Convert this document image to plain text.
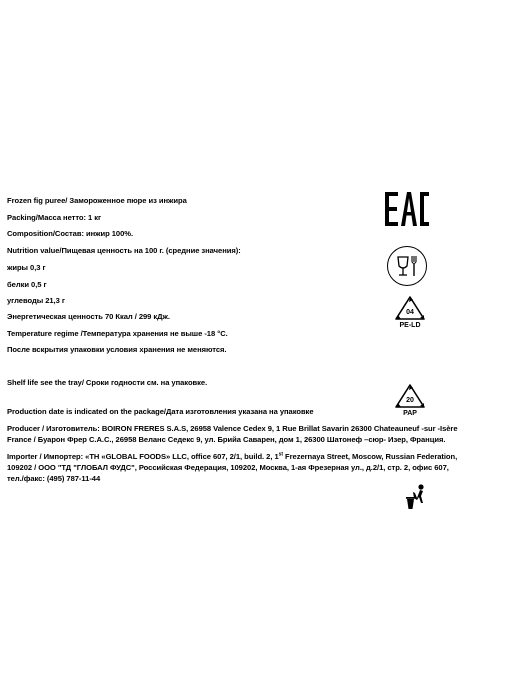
Frozen fig puree/ Замороженное пюре из инжира
Packing/Масса нетто: 1 кг
Composition/Состав: инжир 100%.
Nutrition value/Пищевая ценность на 100 г. (средние значения):
жиры 0,3 г
белки 0,5 г
углеводы 21,3 г
Энергетическая ценность 70 Ккал / 299 кДж.
Temperature regime /Температура хранения не выше -18 °C.
После вскрытия упаковки условия хранения не меняются.
Shelf life see the tray/ Сроки годности см. на упаковке.
Production date is indicated on the package/Дата изготовления указана на упаковке
Producer / Изготовитель: BOIRON FRERES S.A.S, 26958 Valence Cedex 9, 1 Rue Brillat Savarin 26300 Chateauneuf -sur -Isère France / Буарон Фрер С.А.С., 26958 Веланс Седекс 9, ул. Брийа Саварен, дом 1, 26300 Шатонеф –сюр- Изер, Франция.
Importer / Импортер: «TH «GLOBAL FOODS» LLC, office 607, 2/1, build. 2, 1st Frezernaya Street, Moscow, Russian Federation, 109202 / ООО "ТД "ГЛОБАЛ ФУДС", Российская Федерация, 109202, Москва, 1-ая Фрезерная ул., д.2/1, стр. 2, офис 607, тел./факс: (495) 787-11-44
04
PE-LD
20
PAP
